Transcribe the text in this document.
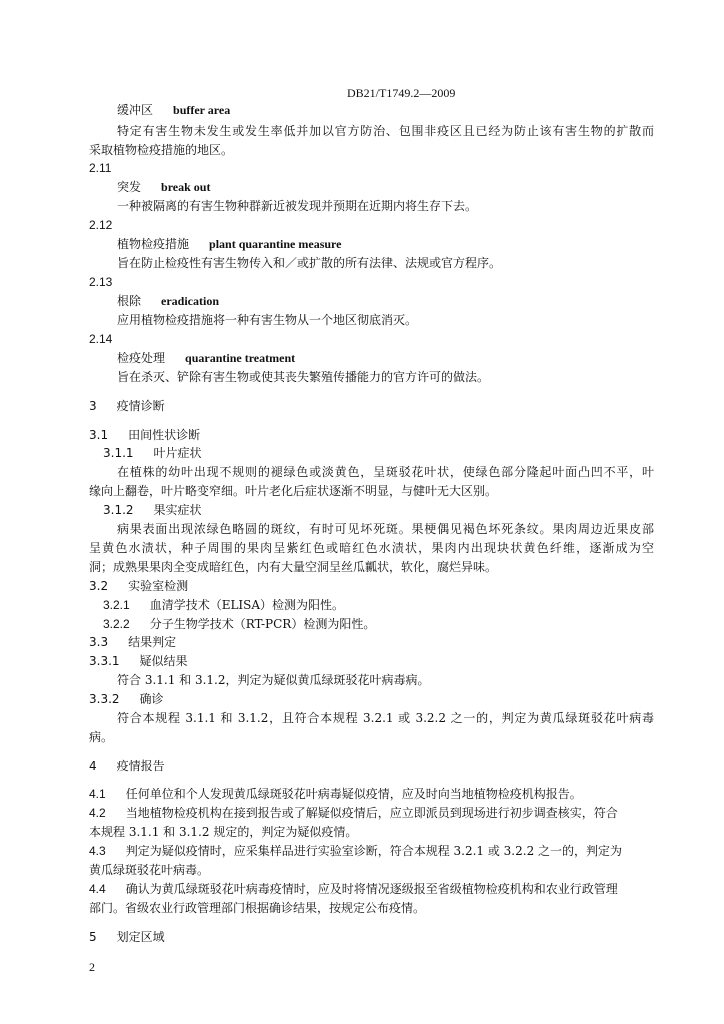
DB21/T1749.2—2009
缓冲区 buffer area
特定有害生物未发生或发生率低并加以官方防治、包围非疫区且已经为防止该有害生物的扩散而
采取植物检疫措施的地区。
2.11
突发 break out
一种被隔离的有害生物种群新近被发现并预期在近期内将生存下去。
2.12
植物检疫措施 plant quarantine measure
旨在防止检疫性有害生物传入和／或扩散的所有法律、法规或官方程序。
2.13
根除 eradication
应用植物检疫措施将一种有害生物从一个地区彻底消灭。
2.14
检疫处理 quarantine treatment
旨在杀灭、铲除有害生物或使其丧失繁殖传播能力的官方许可的做法。
3 疫情诊断
3.1 田间性状诊断
3.1.1 叶片症状
在植株的幼叶出现不规则的褪绿色或淡黄色，呈斑驳花叶状，使绿色部分隆起叶面凸凹不平，叶
缘向上翻卷，叶片略变窄细。叶片老化后症状逐渐不明显，与健叶无大区别。
3.1.2 果实症状
病果表面出现浓绿色略圆的斑纹，有时可见坏死斑。果梗偶见褐色坏死条纹。果肉周边近果皮部
呈黄色水渍状，种子周围的果肉呈紫红色或暗红色水渍状，果肉内出现块状黄色纤维，逐渐成为空
洞；成熟果果肉全变成暗红色，内有大量空洞呈丝瓜瓤状，软化，腐烂异味。
3.2 实验室检测
3.2.1 血清学技术（ELISA）检测为阳性。
3.2.2 分子生物学技术（RT-PCR）检测为阳性。
3.3 结果判定
3.3.1 疑似结果
符合 3.1.1 和 3.1.2，判定为疑似黄瓜绿斑驳花叶病毒病。
3.3.2 确诊
符合本规程 3.1.1 和 3.1.2，且符合本规程 3.2.1 或 3.2.2 之一的，判定为黄瓜绿斑驳花叶病毒
病。
4 疫情报告
4.1 任何单位和个人发现黄瓜绿斑驳花叶病毒疑似疫情，应及时向当地植物检疫机构报告。
4.2 当地植物检疫机构在接到报告或了解疑似疫情后，应立即派员到现场进行初步调查核实，符合
本规程 3.1.1 和 3.1.2 规定的，判定为疑似疫情。
4.3 判定为疑似疫情时，应采集样品进行实验室诊断，符合本规程 3.2.1 或 3.2.2 之一的，判定为
黄瓜绿斑驳花叶病毒。
4.4 确认为黄瓜绿斑驳花叶病毒疫情时，应及时将情况逐级报至省级植物检疫机构和农业行政管理
部门。省级农业行政管理部门根据确诊结果，按规定公布疫情。
5 划定区域
2
